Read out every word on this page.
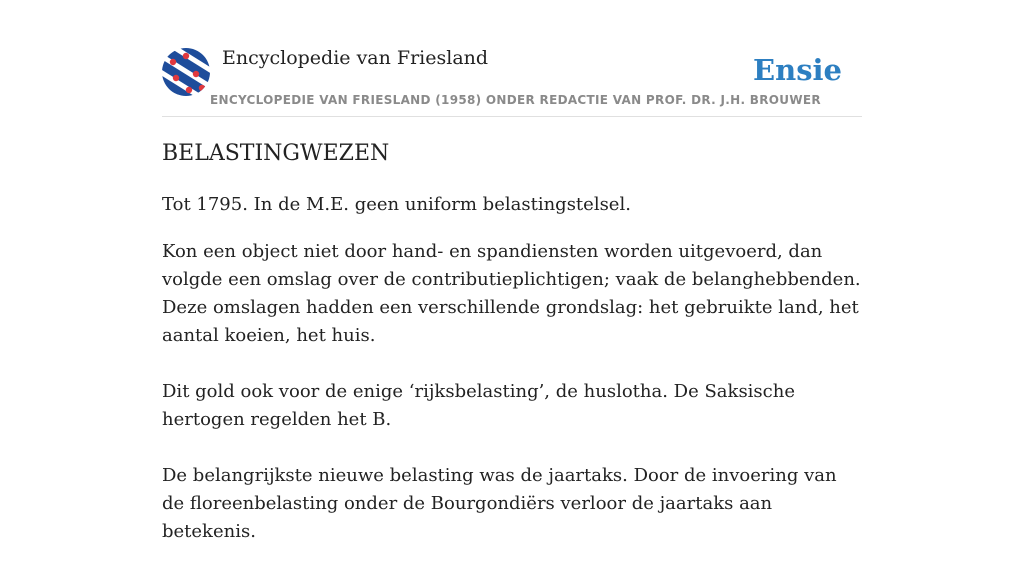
Encyclopedie van Friesland
ENCYCLOPEDIE VAN FRIESLAND (1958) ONDER REDACTIE VAN PROF. DR. J.H. BROUWER
Ensie
BELASTINGWEZEN

Tot 1795. In de M.E. geen uniform belastingstelsel.

Kon een object niet door hand- en spandiensten worden uitgevoerd, dan volgde een omslag over de contributieplichtigen; vaak de belanghebbenden. Deze omslagen hadden een verschillende grondslag: het gebruikte land, het aantal koeien, het huis.

Dit gold ook voor de enige ‘rijksbelasting’, de huslotha. De Saksische hertogen regelden het B.

De belangrijkste nieuwe belasting was de jaartaks. Door de invoering van de floreenbelasting onder de Bourgondiërs verloor de jaartaks aan betekenis.
